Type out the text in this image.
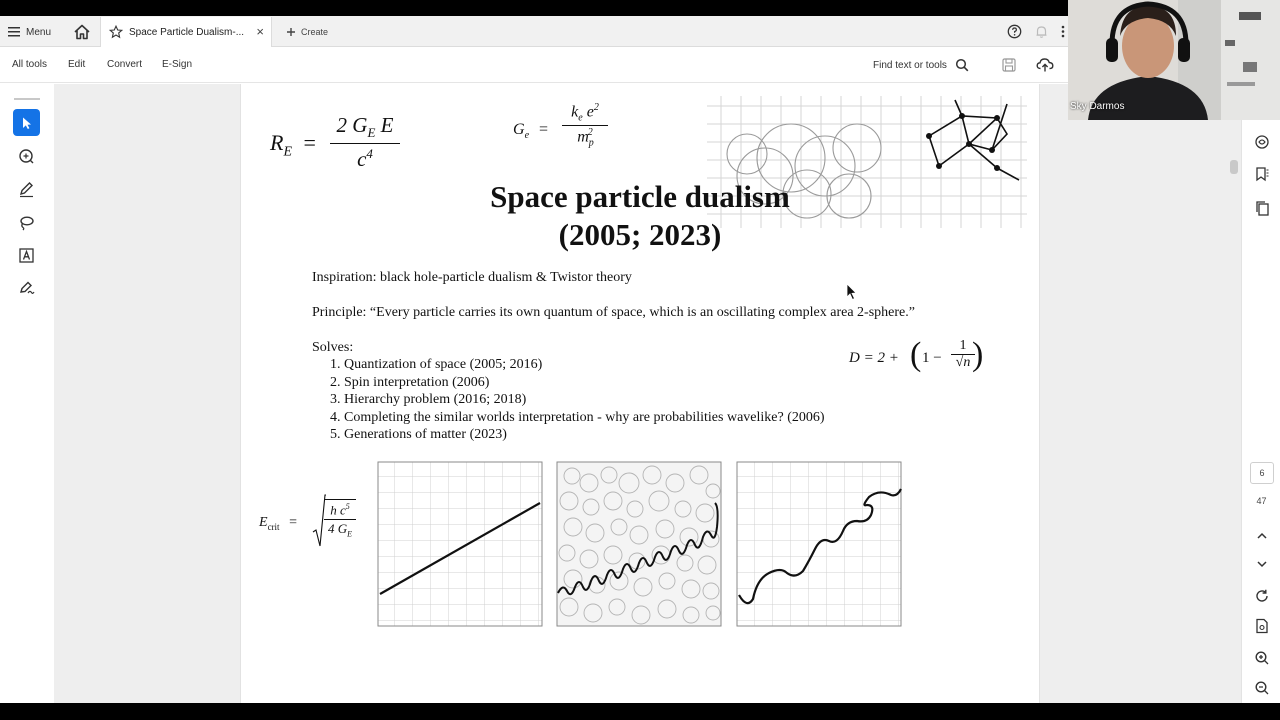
Menu	Space Particle Dualism-... ×	Create
All tools Edit Convert E-Sign	Find text or tools
$R_E$ =
2 $G_E$ E
$c^4$
$G_e$ =
$k_e$ $e^2$
$m_p^2$
Space particle dualism
(2005; 2023)
Inspiration: black hole-particle dualism & Twistor theory
Principle: “Every particle carries its own quantum of space, which is an oscillating complex area 2-sphere.”
Solves:
1. Quantization of space (2005; 2016)
2. Spin interpretation (2006)
3. Hierarchy problem (2016; 2018)
4. Completing the similar worlds interpretation - why are probabilities wavelike? (2006)
5. Generations of matter (2023)
D = 2 + ( 1 −
1
√n )
$E_{crit}$ =
h $c^5$
4 $G_E$
6
47
Sky Darmos
